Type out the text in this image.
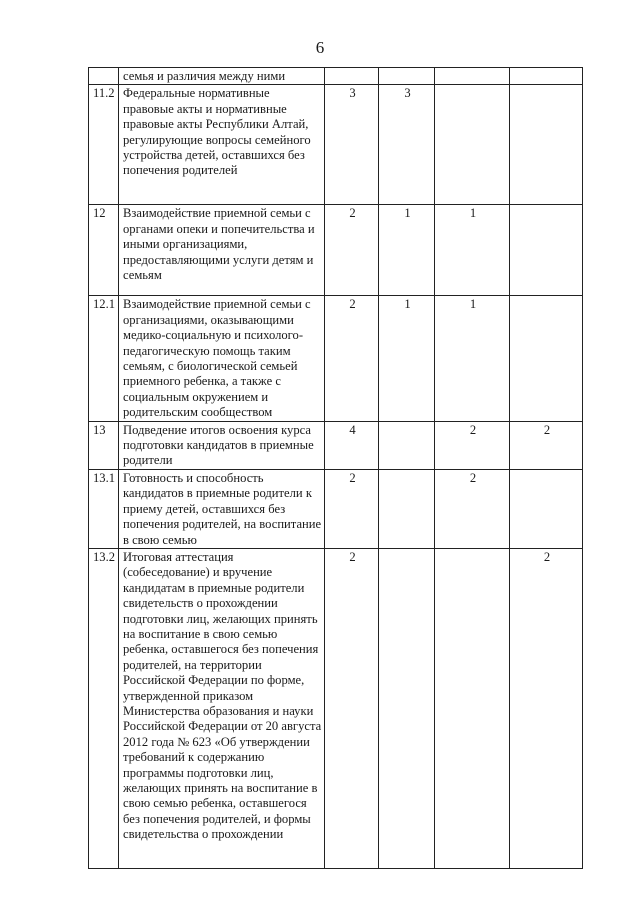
6
	семья и различия между ними				
11.2	Федеральные нормативные правовые акты и нормативные правовые акты Республики Алтай, регулирующие вопросы семейного устройства детей, оставшихся без попечения родителей	3	3		
12	Взаимодействие приемной семьи с органами опеки и попечительства и иными организациями, предоставляющими услуги детям и семьям	2	1	1	
12.1	Взаимодействие приемной семьи с организациями, оказывающими медико-социальную и психолого-педагогическую помощь таким семьям, с биологической семьей приемного ребенка, а также с социальным окружением и родительским сообществом	2	1	1	
13	Подведение итогов освоения курса подготовки кандидатов в приемные родители	4		2	2
13.1	Готовность и способность кандидатов в приемные родители к приему детей, оставшихся без попечения родителей, на воспитание в свою семью	2		2	
13.2	Итоговая аттестация (собеседование) и вручение кандидатам в приемные родители свидетельств о прохождении подготовки лиц, желающих принять на воспитание в свою семью ребенка, оставшегося без попечения родителей, на территории Российской Федерации по форме, утвержденной приказом Министерства образования и науки Российской Федерации от 20 августа 2012 года № 623 «Об утверждении требований к содержанию программы подготовки лиц, желающих принять на воспитание в свою семью ребенка, оставшегося без попечения родителей, и формы свидетельства о прохождении	2			2
